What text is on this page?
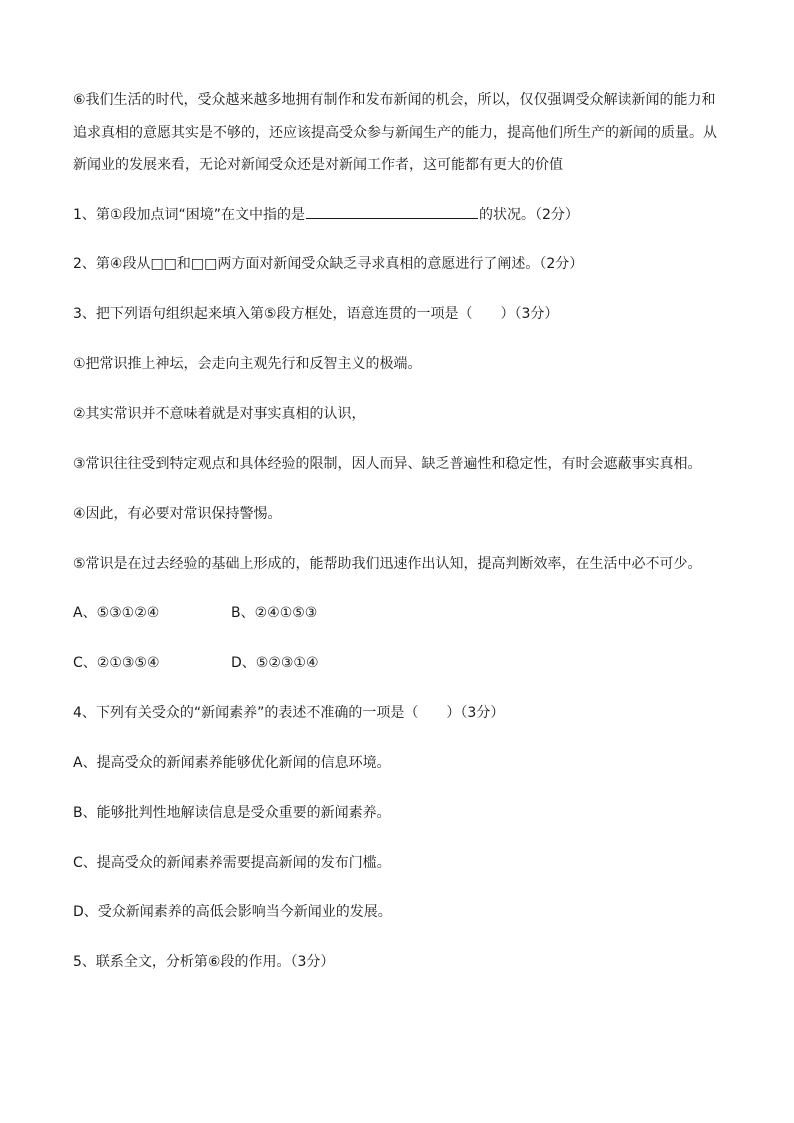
⑥我们生活的时代，受众越来越多地拥有制作和发布新闻的机会，所以，仅仅强调受众解读新闻的能力和
追求真相的意愿其实是不够的，还应该提高受众参与新闻生产的能力，提高他们所生产的新闻的质量。从
新闻业的发展来看，无论对新闻受众还是对新闻工作者，这可能都有更大的价值
1、第①段加点词“困境”在文中指的是	的状况。（2分）
2、第④段从□□和□□两方面对新闻受众缺乏寻求真相的意愿进行了阐述。（2分）
3、把下列语句组织起来填入第⑤段方框处，语意连贯的一项是（　　）（3分）
①把常识推上神坛，会走向主观先行和反智主义的极端。
②其实常识并不意味着就是对事实真相的认识，
③常识往往受到特定观点和具体经验的限制，因人而异、缺乏普遍性和稳定性，有时会遮蔽事实真相。
④因此，有必要对常识保持警惕。
⑤常识是在过去经验的基础上形成的，能帮助我们迅速作出认知，提高判断效率，在生活中必不可少。
A、⑤③①②④	B、②④①⑤③
C、②①③⑤④	D、⑤②③①④
4、下列有关受众的“新闻素养”的表述不准确的一项是（　　）（3分）
A、提高受众的新闻素养能够优化新闻的信息环境。
B、能够批判性地解读信息是受众重要的新闻素养。
C、提高受众的新闻素养需要提高新闻的发布门槛。
D、受众新闻素养的高低会影响当今新闻业的发展。
5、联系全文，分析第⑥段的作用。（3分）
